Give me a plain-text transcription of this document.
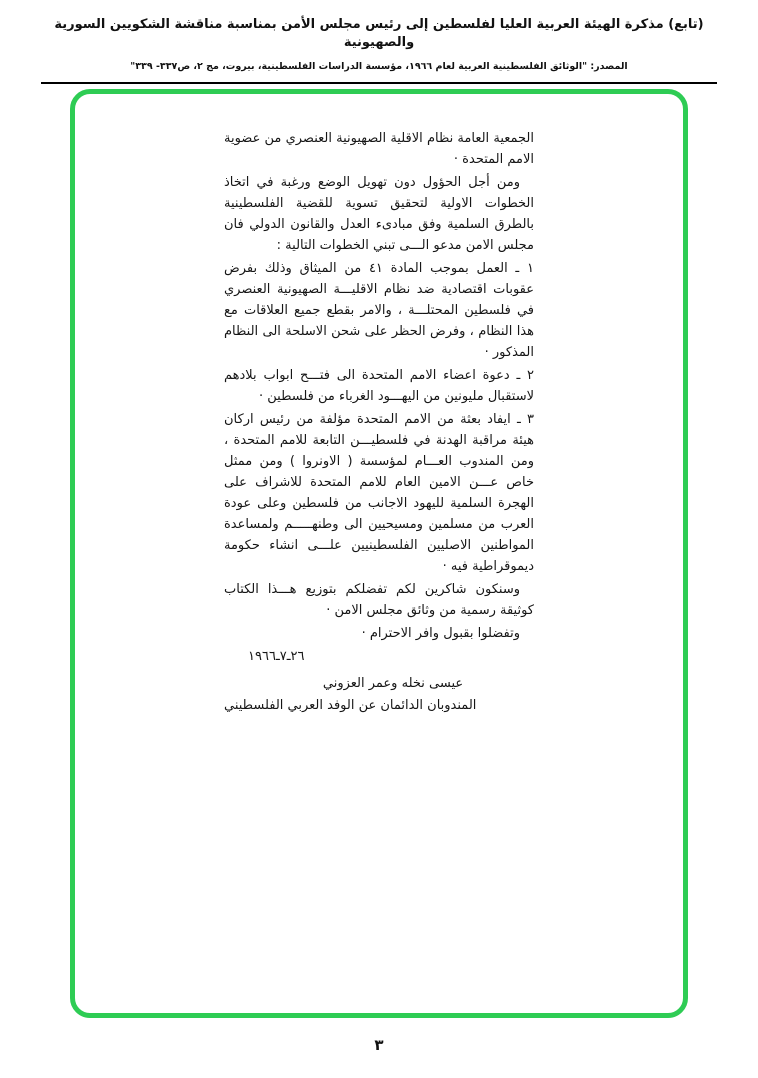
(تابع) مذكرة الهيئة العربية العليا لفلسطين إلى رئيس مجلس الأمن بمناسبة مناقشة الشكويين السورية والصهيونية
المصدر: "الوثائق الفلسطينية العربية لعام ١٩٦٦، مؤسسة الدراسات الفلسطينية، بيروت، مج ٢، ص٣٣٧- ٣٣٩"

الجمعية العامة نظام الاقلية الصهيونية العنصري من عضوية الامم المتحدة ·

ومن أجل الحؤول دون تهويل الوضع ورغبة في اتخاذ الخطوات الاولية لتحقيق تسوية للقضية الفلسطينية بالطرق السلمية وفق مبادىء العدل والقانون الدولي فان مجلس الامن مدعو الـــى تبني الخطوات التالية :

١ ـ العمل بموجب المادة ٤١ من الميثاق وذلك بفرض عقوبات اقتصادية ضد نظام الاقليـــة الصهيونية العنصري في فلسطين المحتلـــة ، والامر بقطع جميع العلاقات مع هذا النظام ، وفرض الحظر على شحن الاسلحة الى النظام المذكور ·

٢ ـ دعوة اعضاء الامم المتحدة الى فتـــح ابواب بلادهم لاستقبال مليونين من اليهـــود الغرباء من فلسطين ·

٣ ـ ايفاد بعثة من الامم المتحدة مؤلفة من رئيس اركان هيئة مراقبة الهدنة في فلسطيـــن التابعة للامم المتحدة ، ومن المندوب العـــام لمؤسسة ( الاونروا ) ومن ممثل خاص عـــن الامين العام للامم المتحدة للاشراف على الهجرة السلمية لليهود الاجانب من فلسطين وعلى عودة العرب من مسلمين ومسيحيين الى وطنهـــــم ولمساعدة المواطنين الاصليين الفلسطينيين علـــى انشاء حكومة ديموقراطية فيه ·

وسنكون شاكرين لكم تفضلكم بتوزيع هـــذا الكتاب كوثيقة رسمية من وثائق مجلس الامن ·

وتفضلوا بقبول وافر الاحترام ·

٢٦ـ٧ـ١٩٦٦

عيسى نخله وعمر العزوني

المندوبان الدائمان عن الوفد العربي الفلسطيني

٣
